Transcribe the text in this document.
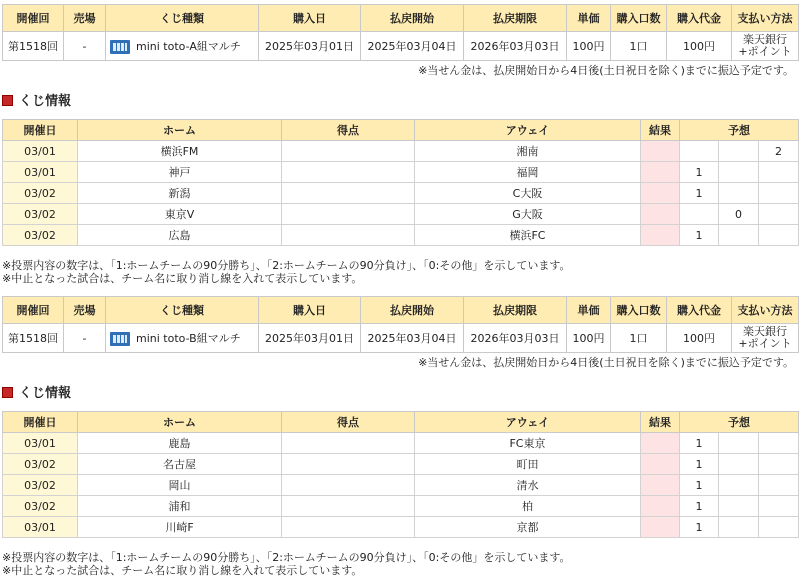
開催回	売場	くじ種類	購入日	払戻開始	払戻期限	単価	購入口数	購入代金	支払い方法
第1518回	-	mini toto-A組マルチ	2025年03月01日	2025年03月04日	2026年03月03日	100円	1口	100円	楽天銀行
+ポイント
※当せん金は、払戻開始日から4日後(土日祝日を除く)までに振込予定です。
くじ情報
開催日	ホーム	得点	アウェイ	結果	予想		
03/01	横浜FM		湘南				2
03/01	神戸		福岡		1		
03/02	新潟		C大阪		1		
03/02	東京V		G大阪			0	
03/02	広島		横浜FC		1		
※投票内容の数字は、「1:ホームチームの90分勝ち」、「2:ホームチームの90分負け」、「0:その他」を示しています。
※中止となった試合は、チーム名に取り消し線を入れて表示しています。
開催回	売場	くじ種類	購入日	払戻開始	払戻期限	単価	購入口数	購入代金	支払い方法
第1518回	-	mini toto-B組マルチ	2025年03月01日	2025年03月04日	2026年03月03日	100円	1口	100円	楽天銀行
+ポイント
※当せん金は、払戻開始日から4日後(土日祝日を除く)までに振込予定です。
くじ情報
開催日	ホーム	得点	アウェイ	結果	予想		
03/01	鹿島		FC東京		1		
03/02	名古屋		町田		1		
03/02	岡山		清水		1		
03/02	浦和		柏		1		
03/01	川崎F		京都		1		
※投票内容の数字は、「1:ホームチームの90分勝ち」、「2:ホームチームの90分負け」、「0:その他」を示しています。
※中止となった試合は、チーム名に取り消し線を入れて表示しています。
